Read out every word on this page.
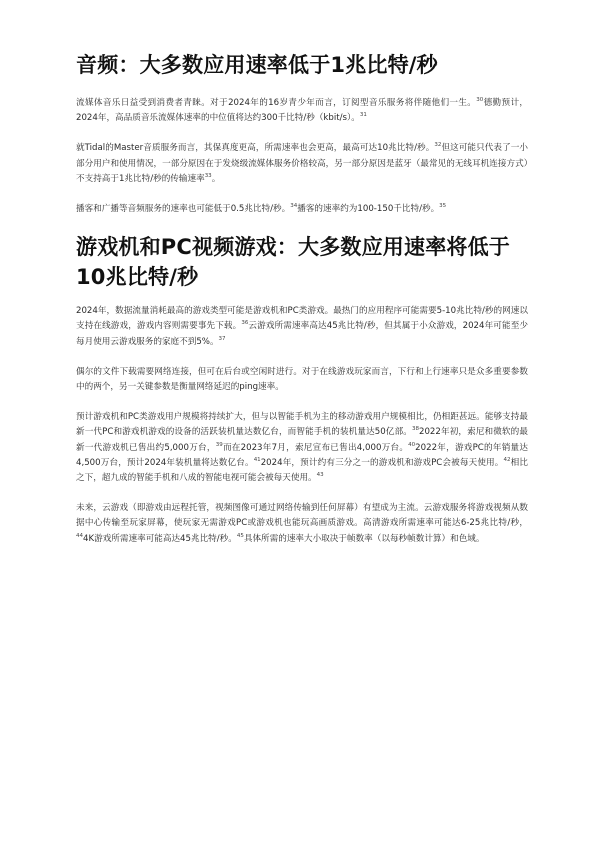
音频：大多数应用速率低于1兆比特/秒

流媒体音乐日益受到消费者青睐。对于2024年的16岁青少年而言，订阅型音乐服务将伴随他们一生。$^{30}$德勤预计，2024年，高品质音乐流媒体速率的中位值将达约300千比特/秒（kbit/s）。$^{31}$

就Tidal的Master音质服务而言，其保真度更高，所需速率也会更高，最高可达10兆比特/秒。$^{32}$但这可能只代表了一小部分用户和使用情况，一部分原因在于发烧级流媒体服务价格较高，另一部分原因是蓝牙（最常见的无线耳机连接方式）不支持高于1兆比特/秒的传输速率$^{33}$。

播客和广播等音频服务的速率也可能低于0.5兆比特/秒。$^{34}$播客的速率约为100-150千比特/秒。$^{35}$

游戏机和PC视频游戏：大多数应用速率将低于10兆比特/秒

2024年，数据流量消耗最高的游戏类型可能是游戏机和PC类游戏。最热门的应用程序可能需要5-10兆比特/秒的网速以支持在线游戏，游戏内容则需要事先下载。$^{36}$云游戏所需速率高达45兆比特/秒，但其属于小众游戏，2024年可能至少每月使用云游戏服务的家庭不到5%。$^{37}$

偶尔的文件下载需要网络连接，但可在后台或空闲时进行。对于在线游戏玩家而言，下行和上行速率只是众多重要参数中的两个，另一关键参数是衡量网络延迟的ping速率。

预计游戏机和PC类游戏用户规模将持续扩大，但与以智能手机为主的移动游戏用户规模相比，仍相距甚远。能够支持最新一代PC和游戏机游戏的设备的活跃装机量达数亿台，而智能手机的装机量达50亿部。$^{38}$2022年初，索尼和微软的最新一代游戏机已售出约5,000万台，$^{39}$而在2023年7月，索尼宣布已售出4,000万台。$^{40}$2022年，游戏PC的年销量达4,500万台，预计2024年装机量将达数亿台。$^{41}$2024年，预计约有三分之一的游戏机和游戏PC会被每天使用。$^{42}$相比之下，超九成的智能手机和八成的智能电视可能会被每天使用。$^{43}$

未来，云游戏（即游戏由远程托管，视频图像可通过网络传输到任何屏幕）有望成为主流。云游戏服务将游戏视频从数据中心传输至玩家屏幕，使玩家无需游戏PC或游戏机也能玩高画质游戏。高清游戏所需速率可能达6-25兆比特/秒，$^{44}$4K游戏所需速率可能高达45兆比特/秒。$^{45}$具体所需的速率大小取决于帧数率（以每秒帧数计算）和色域。
